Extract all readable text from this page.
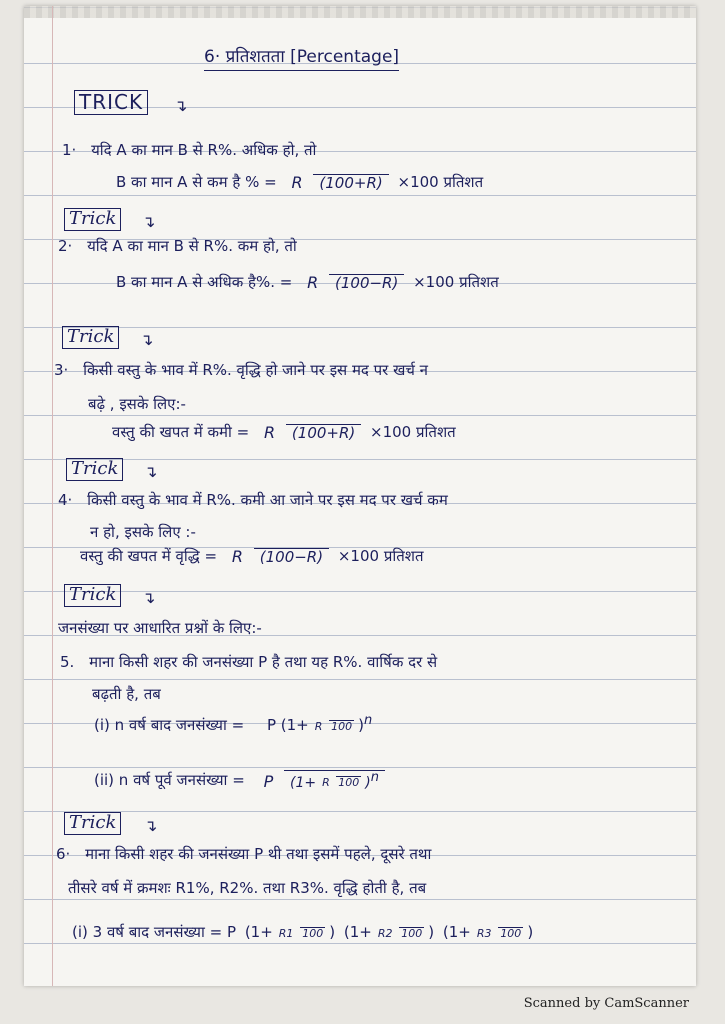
6· प्रतिशतता [Percentage]
TRICK	↴
1· यदि A का मान B से R%. अधिक हो, तो
B का मान A से कम है % = R (100+R) ×100 प्रतिशत
Trick	↴
2· यदि A का मान B से R%. कम हो, तो
B का मान A से अधिक है%. = R (100−R) ×100 प्रतिशत
Trick	↴
3· किसी वस्तु के भाव में R%. वृद्धि हो जाने पर इस मद पर खर्च न
बढ़े , इसके लिए:-
वस्तु की खपत में कमी = R (100+R) ×100 प्रतिशत
Trick	↴
4· किसी वस्तु के भाव में R%. कमी आ जाने पर इस मद पर खर्च कम
न हो, इसके लिए :-
वस्तु की खपत में वृद्धि = R (100−R) ×100 प्रतिशत
Trick	↴
जनसंख्या पर आधारित प्रश्नों के लिए:-
5. माना किसी शहर की जनसंख्या P है तथा यह R%. वार्षिक दर से
बढ़ती है, तब
(i) n वर्ष बाद जनसंख्या = P (1+ R 100 )n
(ii) n वर्ष पूर्व जनसंख्या = P (1+ R 100 )n
Trick	↴
6· माना किसी शहर की जनसंख्या P थी तथा इसमें पहले, दूसरे तथा
तीसरे वर्ष में क्रमशः R1%, R2%. तथा R3%. वृद्धि होती है, तब
(i) 3 वर्ष बाद जनसंख्या = P (1+ R1 100 ) (1+ R2 100 ) (1+ R3 100 )
Scanned by CamScanner
